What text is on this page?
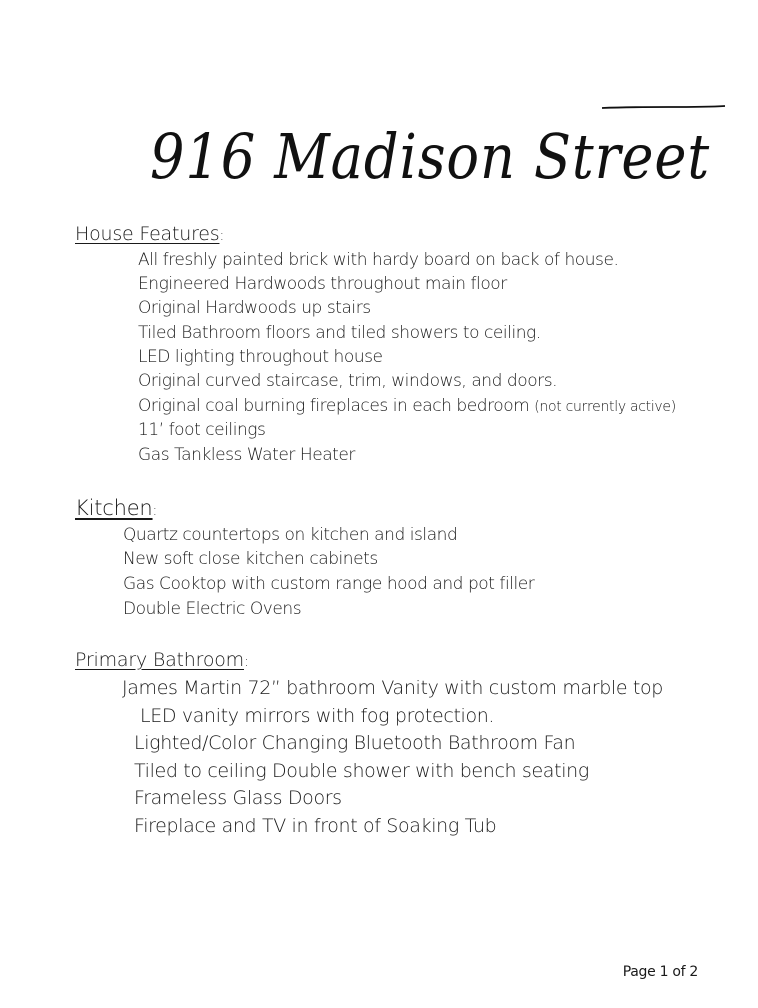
916 Madison Street
House Features:
All freshly painted brick with hardy board on back of house.
Engineered Hardwoods throughout main floor
Original Hardwoods up stairs
Tiled Bathroom floors and tiled showers to ceiling.
LED lighting throughout house
Original curved staircase, trim, windows, and doors.
Original coal burning fireplaces in each bedroom (not currently active)
11’ foot ceilings
Gas Tankless Water Heater
Kitchen:
Quartz countertops on kitchen and island
New soft close kitchen cabinets
Gas Cooktop with custom range hood and pot filler
Double Electric Ovens
Primary Bathroom:
James Martin 72” bathroom Vanity with custom marble top
LED vanity mirrors with fog protection.
Lighted/Color Changing Bluetooth Bathroom Fan
Tiled to ceiling Double shower with bench seating
Frameless Glass Doors
Fireplace and TV in front of Soaking Tub
Page 1 of 2
